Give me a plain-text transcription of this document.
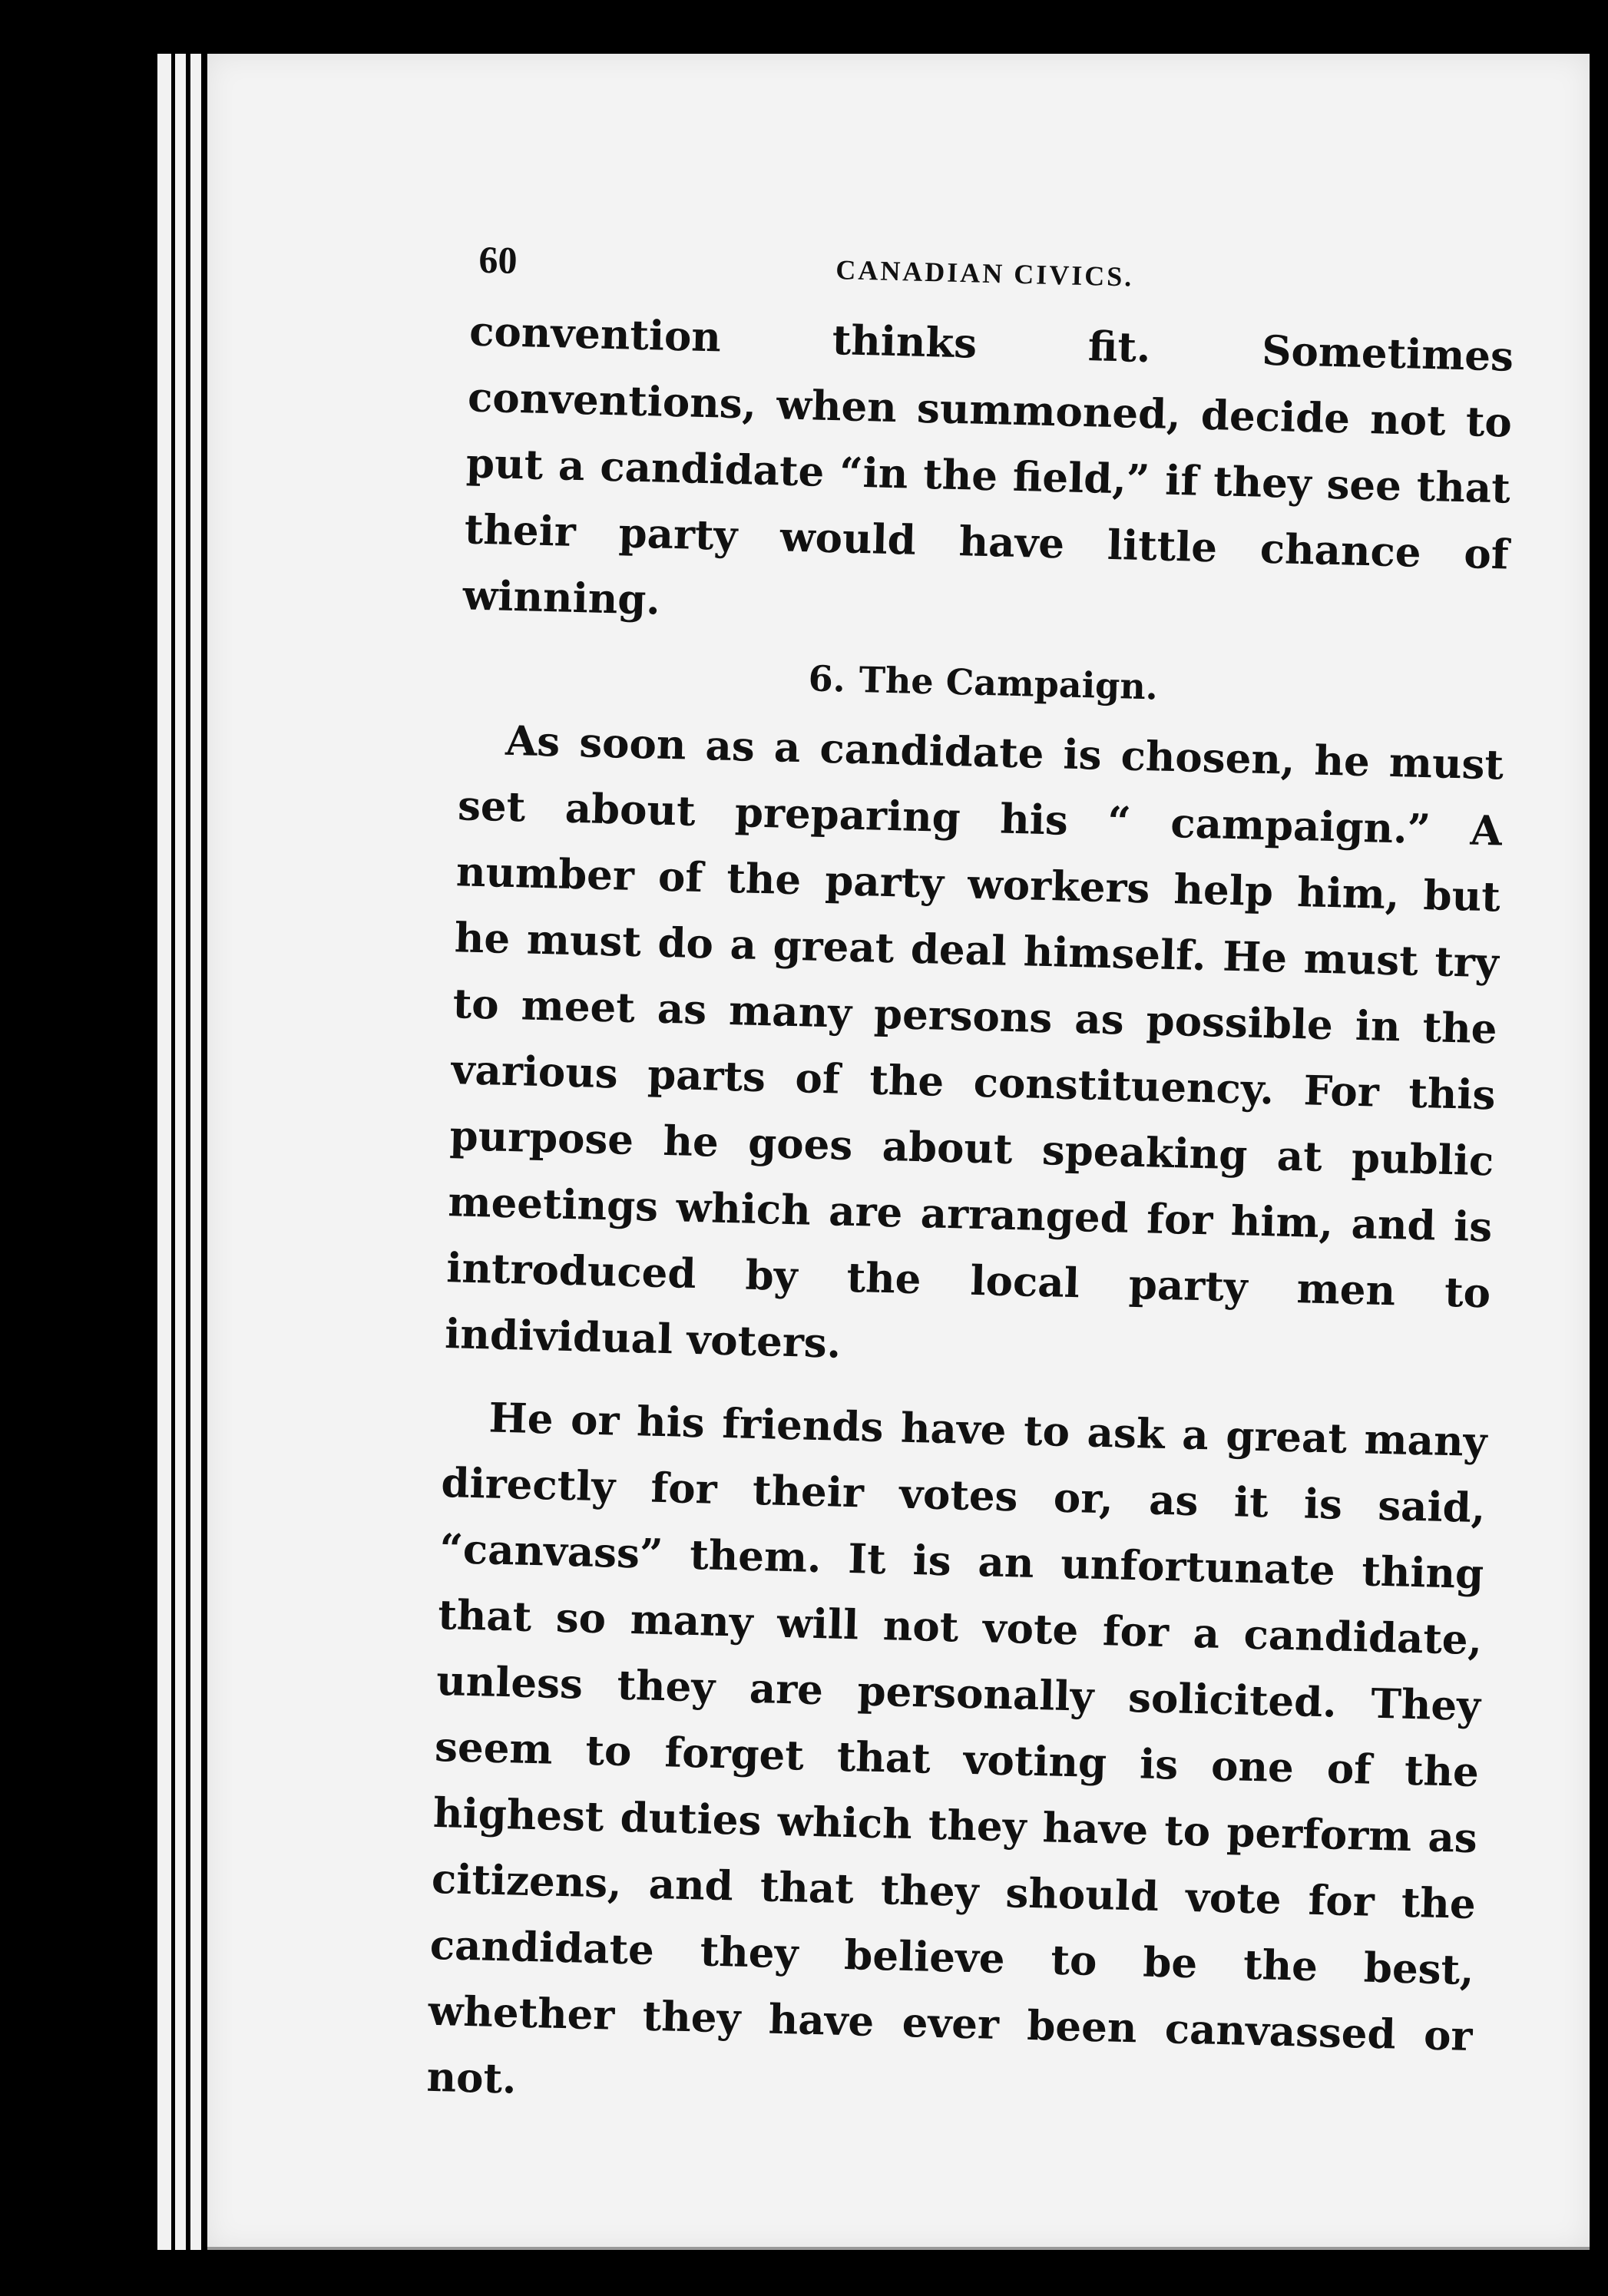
60	CANADIAN CIVICS.

convention thinks fit. Sometimes conventions, when summoned, decide not to put a candidate “in the field,” if they see that their party would have little chance of winning.

6. The Campaign.

As soon as a candidate is chosen, he must set about preparing his “ campaign.” A number of the party workers help him, but he must do a great deal himself. He must try to meet as many persons as possible in the various parts of the constituency. For this purpose he goes about speaking at public meetings which are arranged for him, and is introduced by the local party men to individual voters.

He or his friends have to ask a great many directly for their votes or, as it is said, “canvass” them. It is an unfortunate thing that so many will not vote for a candidate, unless they are personally solicited. They seem to forget that voting is one of the highest duties which they have to perform as citizens, and that they should vote for the candidate they believe to be the best, whether they have ever been canvassed or not.
